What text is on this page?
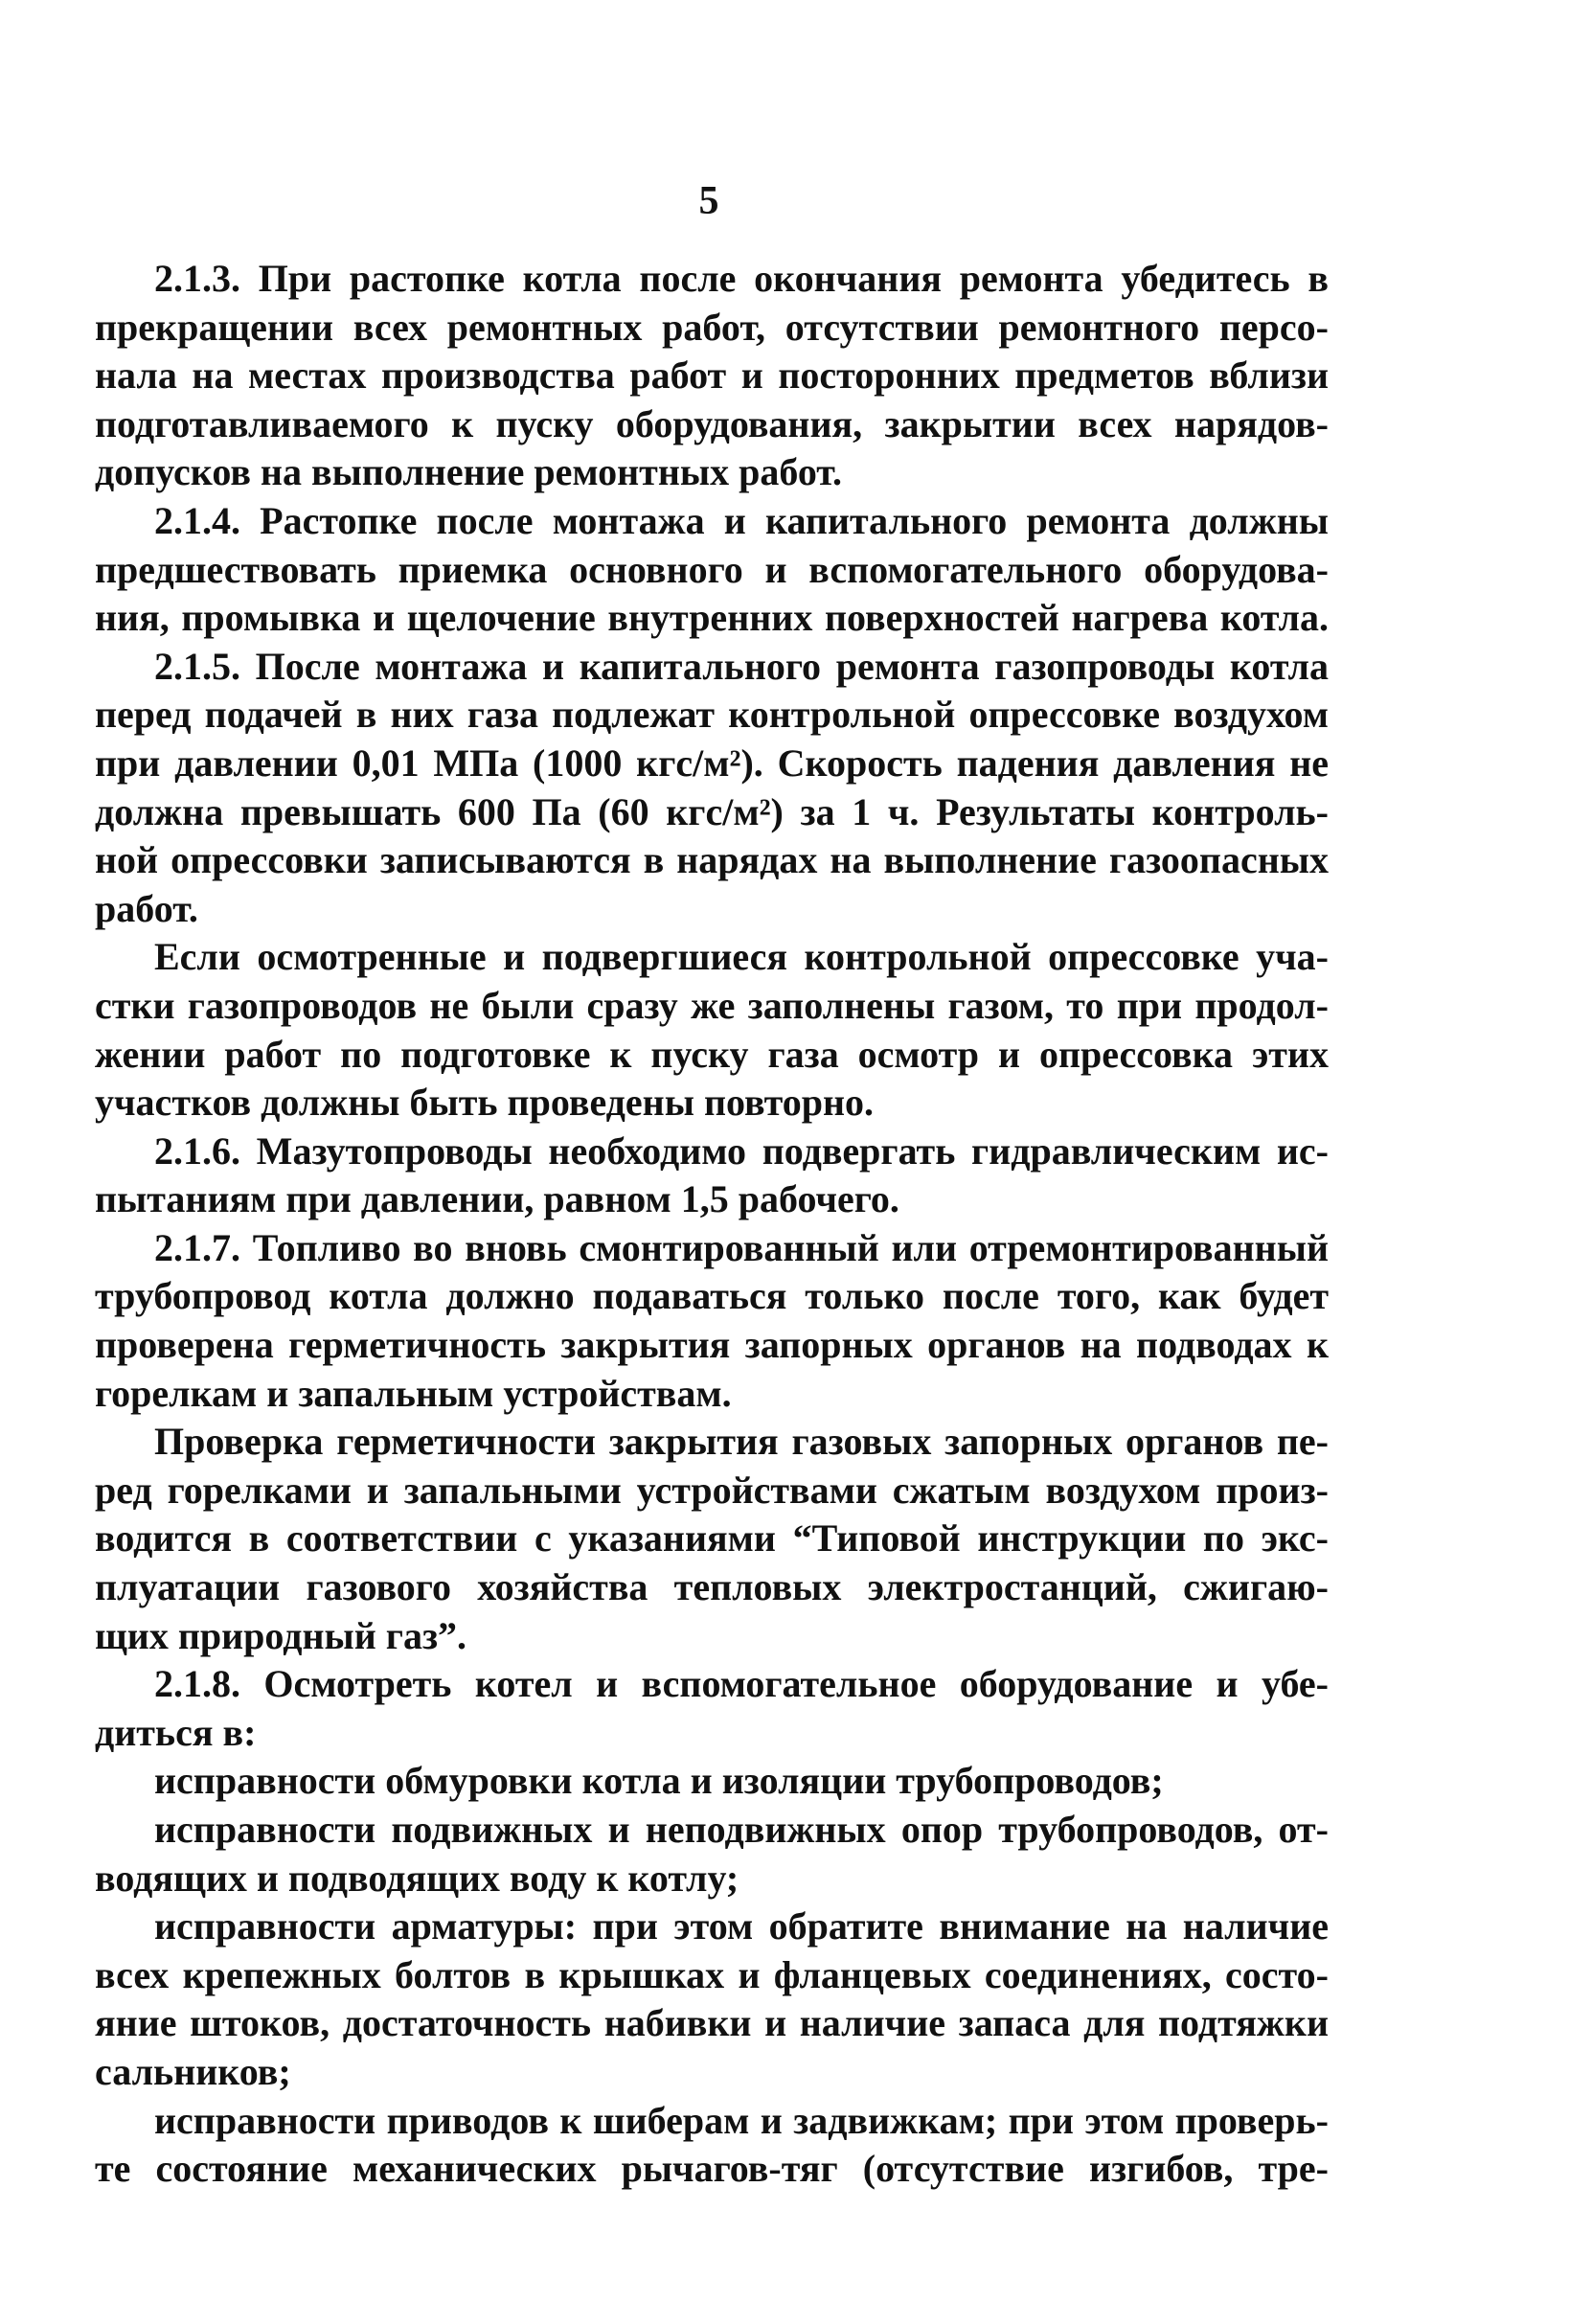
5
2.1.3. При растопке котла после окончания ремонта убедитесь в
прекращении всех ремонтных работ, отсутствии ремонтного персо-
нала на местах производства работ и посторонних предметов вблизи
подготавливаемого к пуску оборудования, закрытии всех нарядов-
допусков на выполнение ремонтных работ.
2.1.4. Растопке после монтажа и капитального ремонта должны
предшествовать приемка основного и вспомогательного оборудова-
ния, промывка и щелочение внутренних поверхностей нагрева котла.
2.1.5. После монтажа и капитального ремонта газопроводы котла
перед подачей в них газа подлежат контрольной опрессовке воздухом
при давлении 0,01 МПа (1000 кгс/м²). Скорость падения давления не
должна превышать 600 Па (60 кгс/м²) за 1 ч. Результаты контроль-
ной опрессовки записываются в нарядах на выполнение газоопасных
работ.
Если осмотренные и подвергшиеся контрольной опрессовке уча-
стки газопроводов не были сразу же заполнены газом, то при продол-
жении работ по подготовке к пуску газа осмотр и опрессовка этих
участков должны быть проведены повторно.
2.1.6. Мазутопроводы необходимо подвергать гидравлическим ис-
пытаниям при давлении, равном 1,5 рабочего.
2.1.7. Топливо во вновь смонтированный или отремонтированный
трубопровод котла должно подаваться только после того, как будет
проверена герметичность закрытия запорных органов на подводах к
горелкам и запальным устройствам.
Проверка герметичности закрытия газовых запорных органов пе-
ред горелками и запальными устройствами сжатым воздухом произ-
водится в соответствии с указаниями “Типовой инструкции по экс-
плуатации газового хозяйства тепловых электростанций, сжигаю-
щих природный газ”.
2.1.8. Осмотреть котел и вспомогательное оборудование и убе-
диться в:
исправности обмуровки котла и изоляции трубопроводов;
исправности подвижных и неподвижных опор трубопроводов, от-
водящих и подводящих воду к котлу;
исправности арматуры: при этом обратите внимание на наличие
всех крепежных болтов в крышках и фланцевых соединениях, состо-
яние штоков, достаточность набивки и наличие запаса для подтяжки
сальников;
исправности приводов к шиберам и задвижкам; при этом проверь-
те состояние механических рычагов-тяг (отсутствие изгибов, тре-
